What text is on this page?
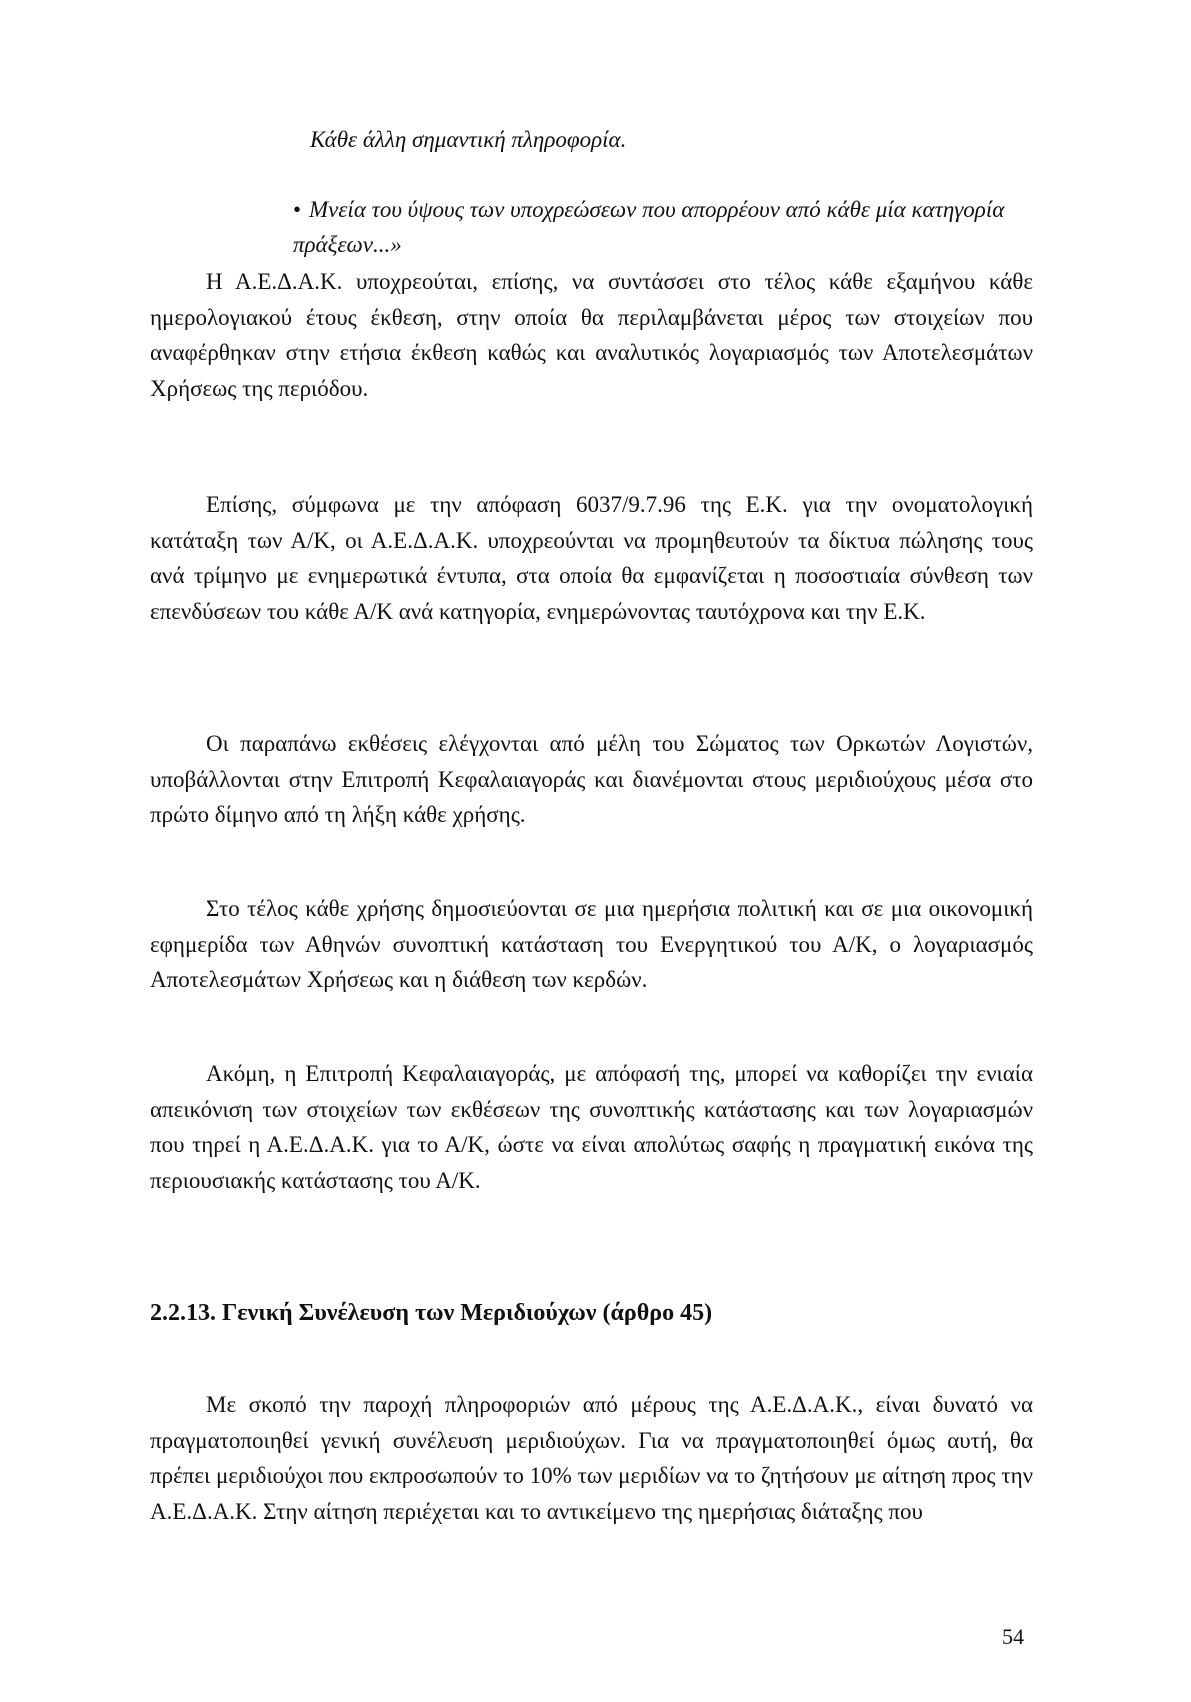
Κάθε άλλη σημαντική πληροφορία.

• Μνεία του ύψους των υποχρεώσεων που απορρέουν από κάθε μία κατηγορία πράξεων...»

Η Α.Ε.Δ.Α.Κ. υποχρεούται, επίσης, να συντάσσει στο τέλος κάθε εξαμήνου κάθε ημερολογιακού έτους έκθεση, στην οποία θα περιλαμβάνεται μέρος των στοιχείων που αναφέρθηκαν στην ετήσια έκθεση καθώς και αναλυτικός λογαριασμός των Αποτελεσμάτων Χρήσεως της περιόδου.

Επίσης, σύμφωνα με την απόφαση 6037/9.7.96 της Ε.Κ. για την ονοματολογική κατάταξη των Α/Κ, οι Α.Ε.Δ.Α.Κ. υποχρεούνται να προμηθευτούν τα δίκτυα πώλησης τους ανά τρίμηνο με ενημερωτικά έντυπα, στα οποία θα εμφανίζεται η ποσοστιαία σύνθεση των επενδύσεων του κάθε Α/Κ ανά κατηγορία, ενημερώνοντας ταυτόχρονα και την Ε.Κ.

Οι παραπάνω εκθέσεις ελέγχονται από μέλη του Σώματος των Ορκωτών Λογιστών, υποβάλλονται στην Επιτροπή Κεφαλαιαγοράς και διανέμονται στους μεριδιούχους μέσα στο πρώτο δίμηνο από τη λήξη κάθε χρήσης.

Στο τέλος κάθε χρήσης δημοσιεύονται σε μια ημερήσια πολιτική και σε μια οικονομική εφημερίδα των Αθηνών συνοπτική κατάσταση του Ενεργητικού του Α/Κ, ο λογαριασμός Αποτελεσμάτων Χρήσεως και η διάθεση των κερδών.

Ακόμη, η Επιτροπή Κεφαλαιαγοράς, με απόφασή της, μπορεί να καθορίζει την ενιαία απεικόνιση των στοιχείων των εκθέσεων της συνοπτικής κατάστασης και των λογαριασμών που τηρεί η Α.Ε.Δ.Α.Κ. για το Α/Κ, ώστε να είναι απολύτως σαφής η πραγματική εικόνα της περιουσιακής κατάστασης του Α/Κ.

2.2.13. Γενική Συνέλευση των Μεριδιούχων (άρθρο 45)

Με σκοπό την παροχή πληροφοριών από μέρους της Α.Ε.Δ.Α.Κ., είναι δυνατό να πραγματοποιηθεί γενική συνέλευση μεριδιούχων. Για να πραγματοποιηθεί όμως αυτή, θα πρέπει μεριδιούχοι που εκπροσωπούν το 10% των μεριδίων να το ζητήσουν με αίτηση προς την Α.Ε.Δ.Α.Κ. Στην αίτηση περιέχεται και το αντικείμενο της ημερήσιας διάταξης που

54
